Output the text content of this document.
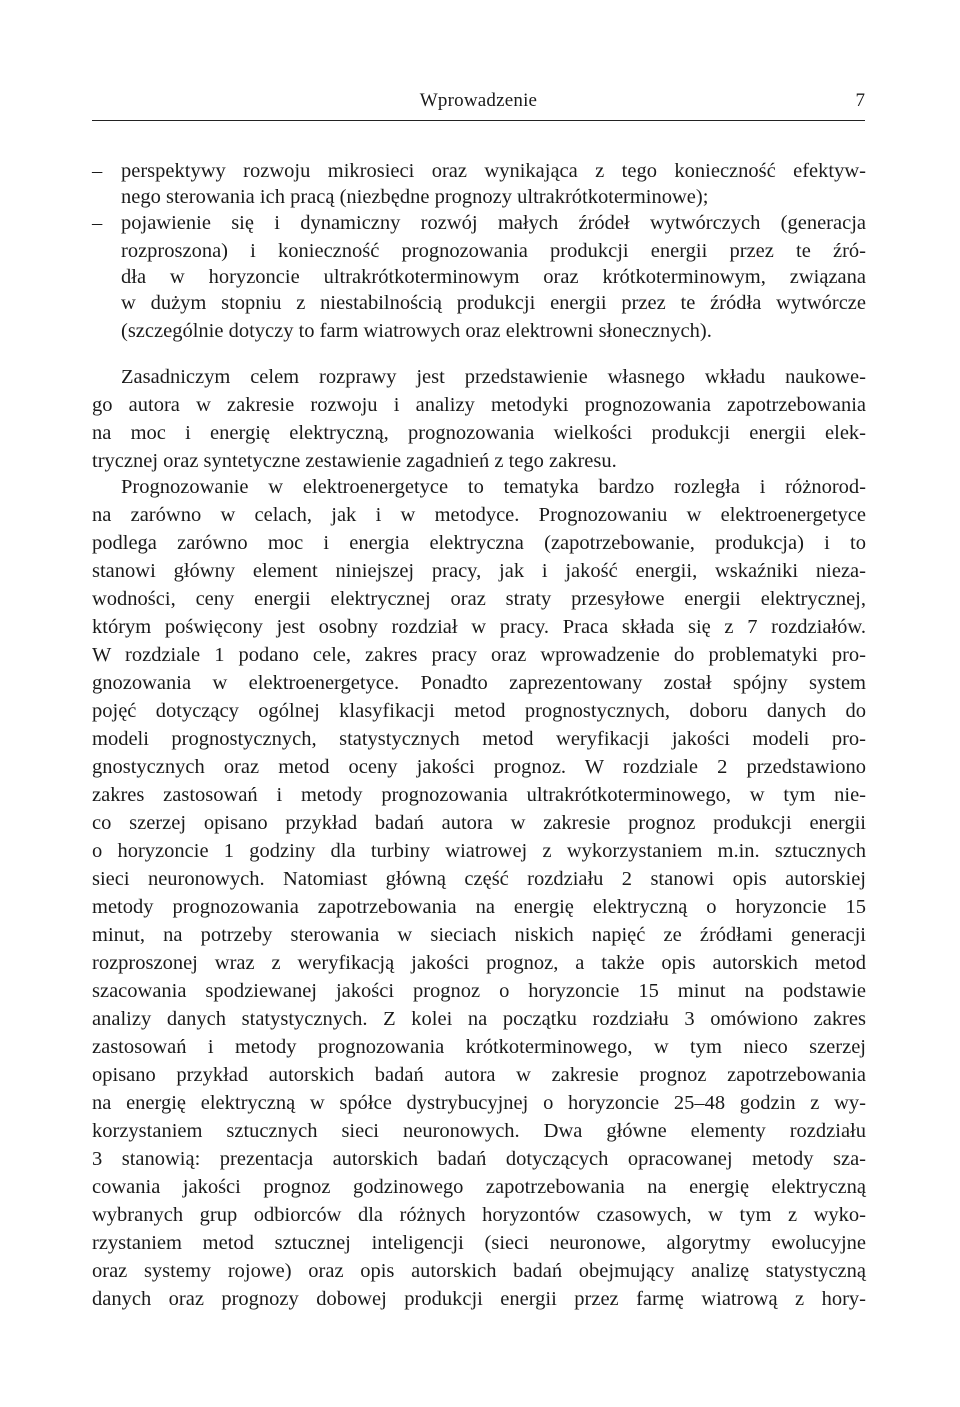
Wprowadzenie	7
– perspektywy rozwoju mikrosieci oraz wynikająca z tego konieczność efektyw-
nego sterowania ich pracą (niezbędne prognozy ultrakrótkoterminowe);
– pojawienie się i dynamiczny rozwój małych źródeł wytwórczych (generacja
rozproszona) i konieczność prognozowania produkcji energii przez te źró-
dła w horyzoncie ultrakrótkoterminowym oraz krótkoterminowym, związana
w dużym stopniu z niestabilnością produkcji energii przez te źródła wytwórcze
(szczególnie dotyczy to farm wiatrowych oraz elektrowni słonecznych).
Zasadniczym celem rozprawy jest przedstawienie własnego wkładu naukowe-
go autora w zakresie rozwoju i analizy metodyki prognozowania zapotrzebowania
na moc i energię elektryczną, prognozowania wielkości produkcji energii elek-
trycznej oraz syntetyczne zestawienie zagadnień z tego zakresu.
Prognozowanie w elektroenergetyce to tematyka bardzo rozległa i różnorod-
na zarówno w celach, jak i w metodyce. Prognozowaniu w elektroenergetyce
podlega zarówno moc i energia elektryczna (zapotrzebowanie, produkcja) i to
stanowi główny element niniejszej pracy, jak i jakość energii, wskaźniki nieza-
wodności, ceny energii elektrycznej oraz straty przesyłowe energii elektrycznej,
którym poświęcony jest osobny rozdział w pracy. Praca składa się z 7 rozdziałów.
W rozdziale 1 podano cele, zakres pracy oraz wprowadzenie do problematyki pro-
gnozowania w elektroenergetyce. Ponadto zaprezentowany został spójny system
pojęć dotyczący ogólnej klasyfikacji metod prognostycznych, doboru danych do
modeli prognostycznych, statystycznych metod weryfikacji jakości modeli pro-
gnostycznych oraz metod oceny jakości prognoz. W rozdziale 2 przedstawiono
zakres zastosowań i metody prognozowania ultrakrótkoterminowego, w tym nie-
co szerzej opisano przykład badań autora w zakresie prognoz produkcji energii
o horyzoncie 1 godziny dla turbiny wiatrowej z wykorzystaniem m.in. sztucznych
sieci neuronowych. Natomiast główną część rozdziału 2 stanowi opis autorskiej
metody prognozowania zapotrzebowania na energię elektryczną o horyzoncie 15
minut, na potrzeby sterowania w sieciach niskich napięć ze źródłami generacji
rozproszonej wraz z weryfikacją jakości prognoz, a także opis autorskich metod
szacowania spodziewanej jakości prognoz o horyzoncie 15 minut na podstawie
analizy danych statystycznych. Z kolei na początku rozdziału 3 omówiono zakres
zastosowań i metody prognozowania krótkoterminowego, w tym nieco szerzej
opisano przykład autorskich badań autora w zakresie prognoz zapotrzebowania
na energię elektryczną w spółce dystrybucyjnej o horyzoncie 25–48 godzin z wy-
korzystaniem sztucznych sieci neuronowych. Dwa główne elementy rozdziału
3 stanowią: prezentacja autorskich badań dotyczących opracowanej metody sza-
cowania jakości prognoz godzinowego zapotrzebowania na energię elektryczną
wybranych grup odbiorców dla różnych horyzontów czasowych, w tym z wyko-
rzystaniem metod sztucznej inteligencji (sieci neuronowe, algorytmy ewolucyjne
oraz systemy rojowe) oraz opis autorskich badań obejmujący analizę statystyczną
danych oraz prognozy dobowej produkcji energii przez farmę wiatrową z hory-
